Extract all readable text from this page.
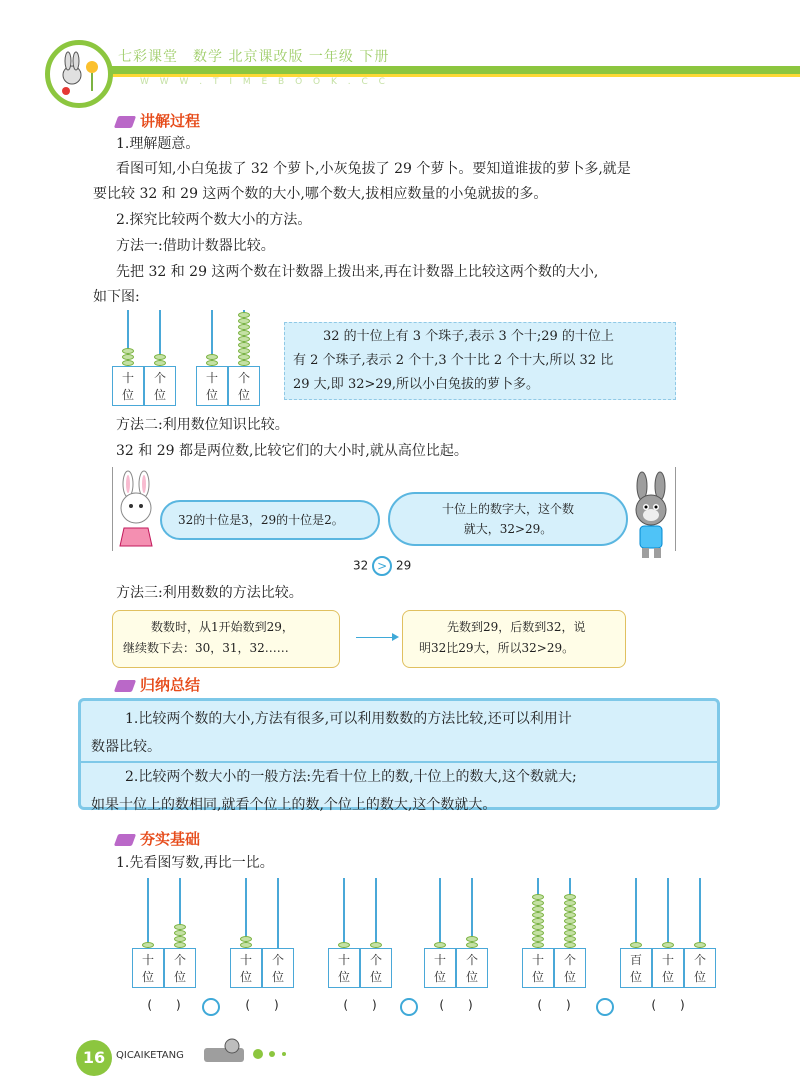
七彩课堂　数学 北京课改版 一年级 下册
W W W . T I M E B O O K . C C
讲解过程
1.理解题意。
看图可知,小白兔拔了 32 个萝卜,小灰兔拔了 29 个萝卜。要知道谁拔的萝卜多,就是
要比较 32 和 29 这两个数的大小,哪个数大,拔相应数量的小兔就拔的多。
2.探究比较两个数大小的方法。
方法一:借助计数器比较。
先把 32 和 29 这两个数在计数器上拨出来,再在计数器上比较这两个数的大小,
如下图:
十
位
个
位
十
位
个
位
32 的十位上有 3 个珠子,表示 3 个十;29 的十位上
有 2 个珠子,表示 2 个十,3 个十比 2 个十大,所以 32 比
29 大,即 32>29,所以小白兔拔的萝卜多。
方法二:利用数位知识比较。
32 和 29 都是两位数,比较它们的大小时,就从高位比起。
32的十位是3，29的十位是2。
十位上的数字大，这个数
就大，32>29。
32 > 29
方法三:利用数数的方法比较。
数数时，从1开始数到29，
继续数下去：30，31，32……
先数到29，后数到32，说
明32比29大，所以32>29。
归纳总结
1.比较两个数的大小,方法有很多,可以利用数数的方法比较,还可以利用计
数器比较。
2.比较两个数大小的一般方法:先看十位上的数,十位上的数大,这个数就大;
如果十位上的数相同,就看个位上的数,个位上的数大,这个数就大。
夯实基础
1.先看图写数,再比一比。
十
位
个
位
(　　)
十
位
个
位
(　　)
十
位
个
位
(　　)
十
位
个
位
(　　)
十
位
个
位
(　　)
百
位
十
位
个
位
(　　)
16	QICAIKETANG
